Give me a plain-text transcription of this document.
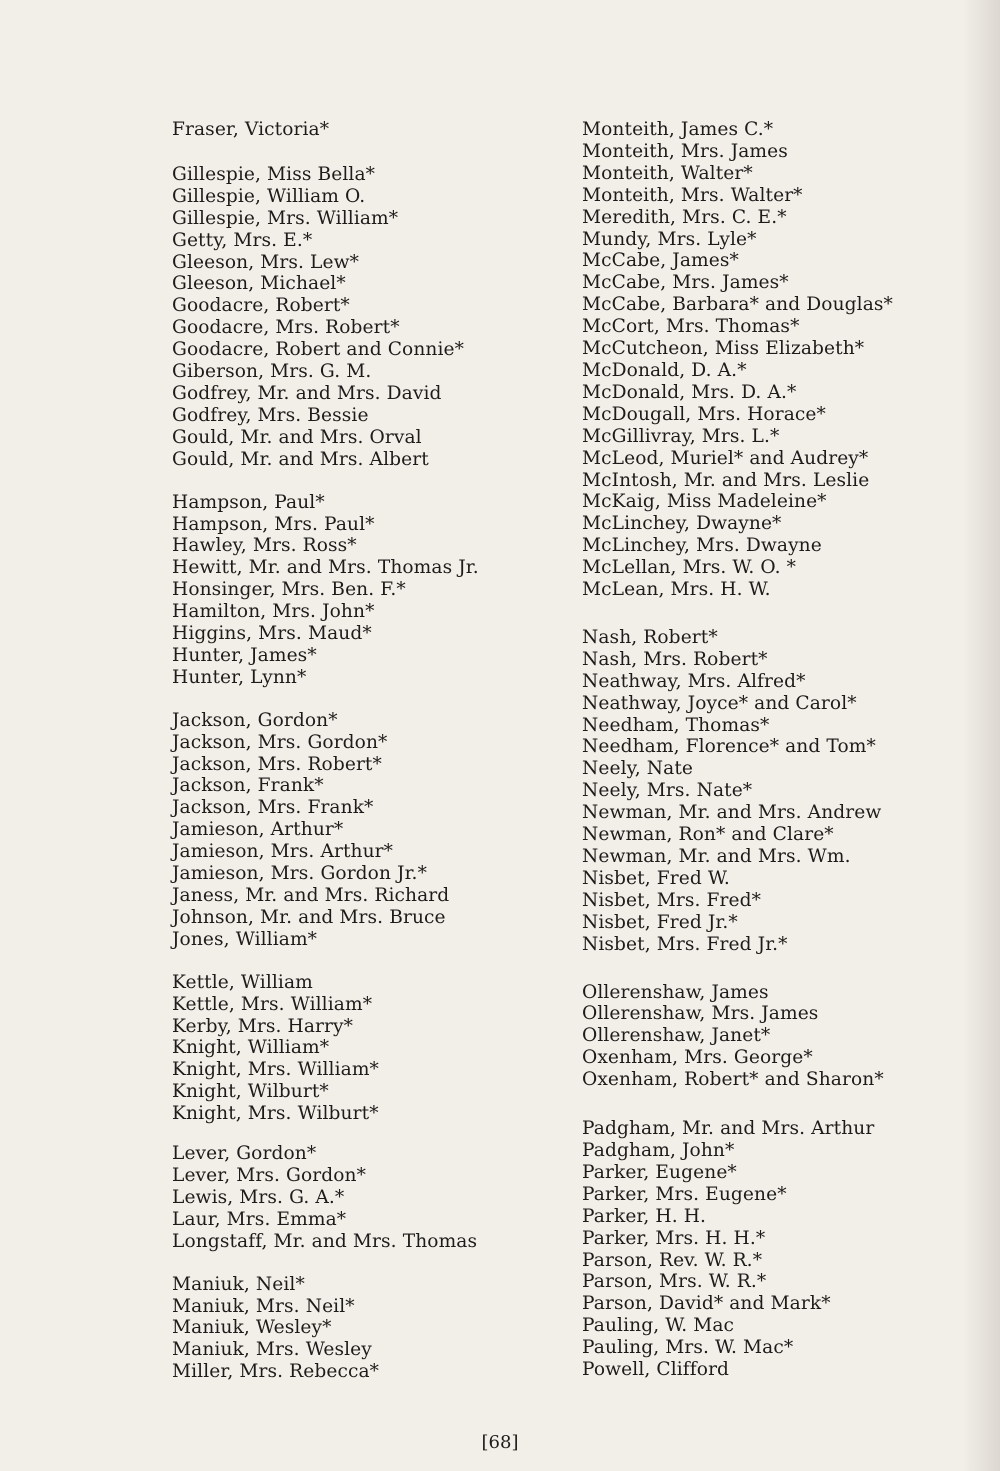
Fraser, Victoria*
Gillespie, Miss Bella*
Gillespie, William O.
Gillespie, Mrs. William*
Getty, Mrs. E.*
Gleeson, Mrs. Lew*
Gleeson, Michael*
Goodacre, Robert*
Goodacre, Mrs. Robert*
Goodacre, Robert and Connie*
Giberson, Mrs. G. M.
Godfrey, Mr. and Mrs. David
Godfrey, Mrs. Bessie
Gould, Mr. and Mrs. Orval
Gould, Mr. and Mrs. Albert
Hampson, Paul*
Hampson, Mrs. Paul*
Hawley, Mrs. Ross*
Hewitt, Mr. and Mrs. Thomas Jr.
Honsinger, Mrs. Ben. F.*
Hamilton, Mrs. John*
Higgins, Mrs. Maud*
Hunter, James*
Hunter, Lynn*
Jackson, Gordon*
Jackson, Mrs. Gordon*
Jackson, Mrs. Robert*
Jackson, Frank*
Jackson, Mrs. Frank*
Jamieson, Arthur*
Jamieson, Mrs. Arthur*
Jamieson, Mrs. Gordon Jr.*
Janess, Mr. and Mrs. Richard
Johnson, Mr. and Mrs. Bruce
Jones, William*
Kettle, William
Kettle, Mrs. William*
Kerby, Mrs. Harry*
Knight, William*
Knight, Mrs. William*
Knight, Wilburt*
Knight, Mrs. Wilburt*
Lever, Gordon*
Lever, Mrs. Gordon*
Lewis, Mrs. G. A.*
Laur, Mrs. Emma*
Longstaff, Mr. and Mrs. Thomas
Maniuk, Neil*
Maniuk, Mrs. Neil*
Maniuk, Wesley*
Maniuk, Mrs. Wesley
Miller, Mrs. Rebecca*
Monteith, James C.*
Monteith, Mrs. James
Monteith, Walter*
Monteith, Mrs. Walter*
Meredith, Mrs. C. E.*
Mundy, Mrs. Lyle*
McCabe, James*
McCabe, Mrs. James*
McCabe, Barbara* and Douglas*
McCort, Mrs. Thomas*
McCutcheon, Miss Elizabeth*
McDonald, D. A.*
McDonald, Mrs. D. A.*
McDougall, Mrs. Horace*
McGillivray, Mrs. L.*
McLeod, Muriel* and Audrey*
McIntosh, Mr. and Mrs. Leslie
McKaig, Miss Madeleine*
McLinchey, Dwayne*
McLinchey, Mrs. Dwayne
McLellan, Mrs. W. O. *
McLean, Mrs. H. W.
Nash, Robert*
Nash, Mrs. Robert*
Neathway, Mrs. Alfred*
Neathway, Joyce* and Carol*
Needham, Thomas*
Needham, Florence* and Tom*
Neely, Nate
Neely, Mrs. Nate*
Newman, Mr. and Mrs. Andrew
Newman, Ron* and Clare*
Newman, Mr. and Mrs. Wm.
Nisbet, Fred W.
Nisbet, Mrs. Fred*
Nisbet, Fred Jr.*
Nisbet, Mrs. Fred Jr.*
Ollerenshaw, James
Ollerenshaw, Mrs. James
Ollerenshaw, Janet*
Oxenham, Mrs. George*
Oxenham, Robert* and Sharon*
Padgham, Mr. and Mrs. Arthur
Padgham, John*
Parker, Eugene*
Parker, Mrs. Eugene*
Parker, H. H.
Parker, Mrs. H. H.*
Parson, Rev. W. R.*
Parson, Mrs. W. R.*
Parson, David* and Mark*
Pauling, W. Mac
Pauling, Mrs. W. Mac*
Powell, Clifford
[68]
